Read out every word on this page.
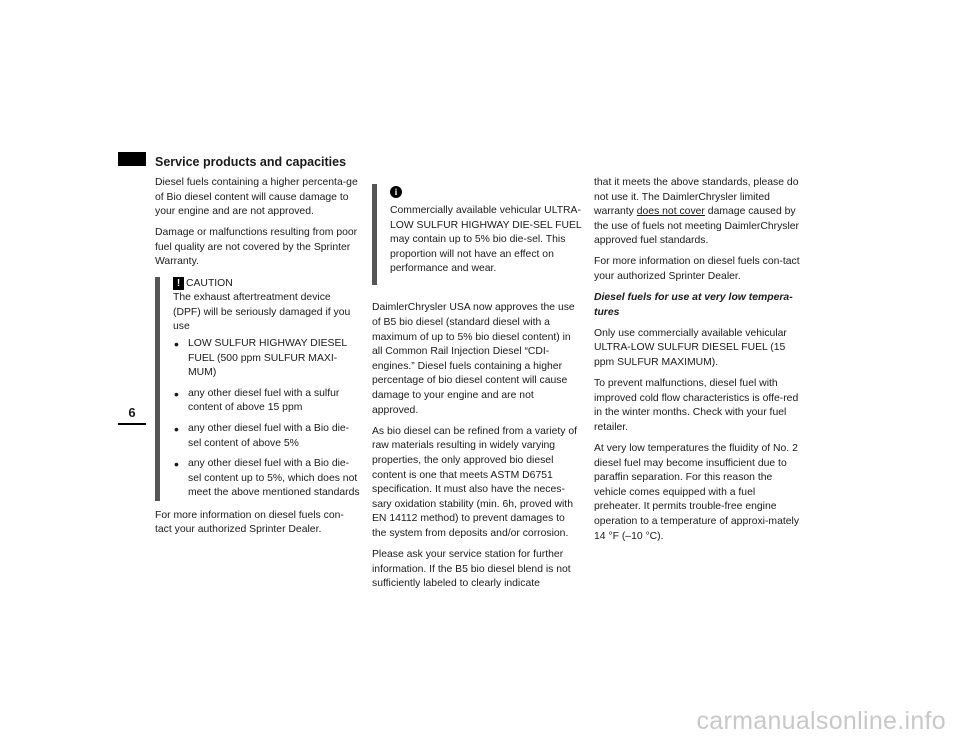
Service products and capacities
6

Diesel fuels containing a higher percenta-ge of Bio diesel content will cause damage to your engine and are not approved.

Damage or malfunctions resulting from poor fuel quality are not covered by the Sprinter Warranty.

! CAUTION
The exhaust aftertreatment device (DPF) will be seriously damaged if you use
• LOW SULFUR HIGHWAY DIESEL FUEL (500 ppm SULFUR MAXI-MUM)
• any other diesel fuel with a sulfur content of above 15 ppm
• any other diesel fuel with a Bio die-sel content of above 5%
• any other diesel fuel with a Bio die-sel content up to 5%, which does not meet the above mentioned standards

For more information on diesel fuels con-tact your authorized Sprinter Dealer.

i

Commercially available vehicular ULTRA-LOW SULFUR HIGHWAY DIE-SEL FUEL may contain up to 5% bio die-sel. This proportion will not have an effect on performance and wear.

DaimlerChrysler USA now approves the use of B5 bio diesel (standard diesel with a maximum of up to 5% bio diesel content) in all Common Rail Injection Diesel “CDI-engines.” Diesel fuels containing a higher percentage of bio diesel content will cause damage to your engine and are not approved.

As bio diesel can be refined from a variety of raw materials resulting in widely varying properties, the only approved bio diesel content is one that meets ASTM D6751 specification. It must also have the neces-sary oxidation stability (min. 6h, proved with EN 14112 method) to prevent damages to the system from deposits and/or corrosion.

Please ask your service station for further information. If the B5 bio diesel blend is not sufficiently labeled to clearly indicate

that it meets the above standards, please do not use it. The DaimlerChrysler limited warranty does not cover damage caused by the use of fuels not meeting DaimlerChrysler approved fuel standards.

For more information on diesel fuels con-tact your authorized Sprinter Dealer.

Diesel fuels for use at very low tempera-tures

Only use commercially available vehicular ULTRA-LOW SULFUR DIESEL FUEL (15 ppm SULFUR MAXIMUM).

To prevent malfunctions, diesel fuel with improved cold flow characteristics is offe-red in the winter months. Check with your fuel retailer.

At very low temperatures the fluidity of No. 2 diesel fuel may become insufficient due to paraffin separation. For this reason the vehicle comes equipped with a fuel preheater. It permits trouble-free engine operation to a temperature of approxi-mately 14 °F (–10 °C).

carmanualsonline.info
